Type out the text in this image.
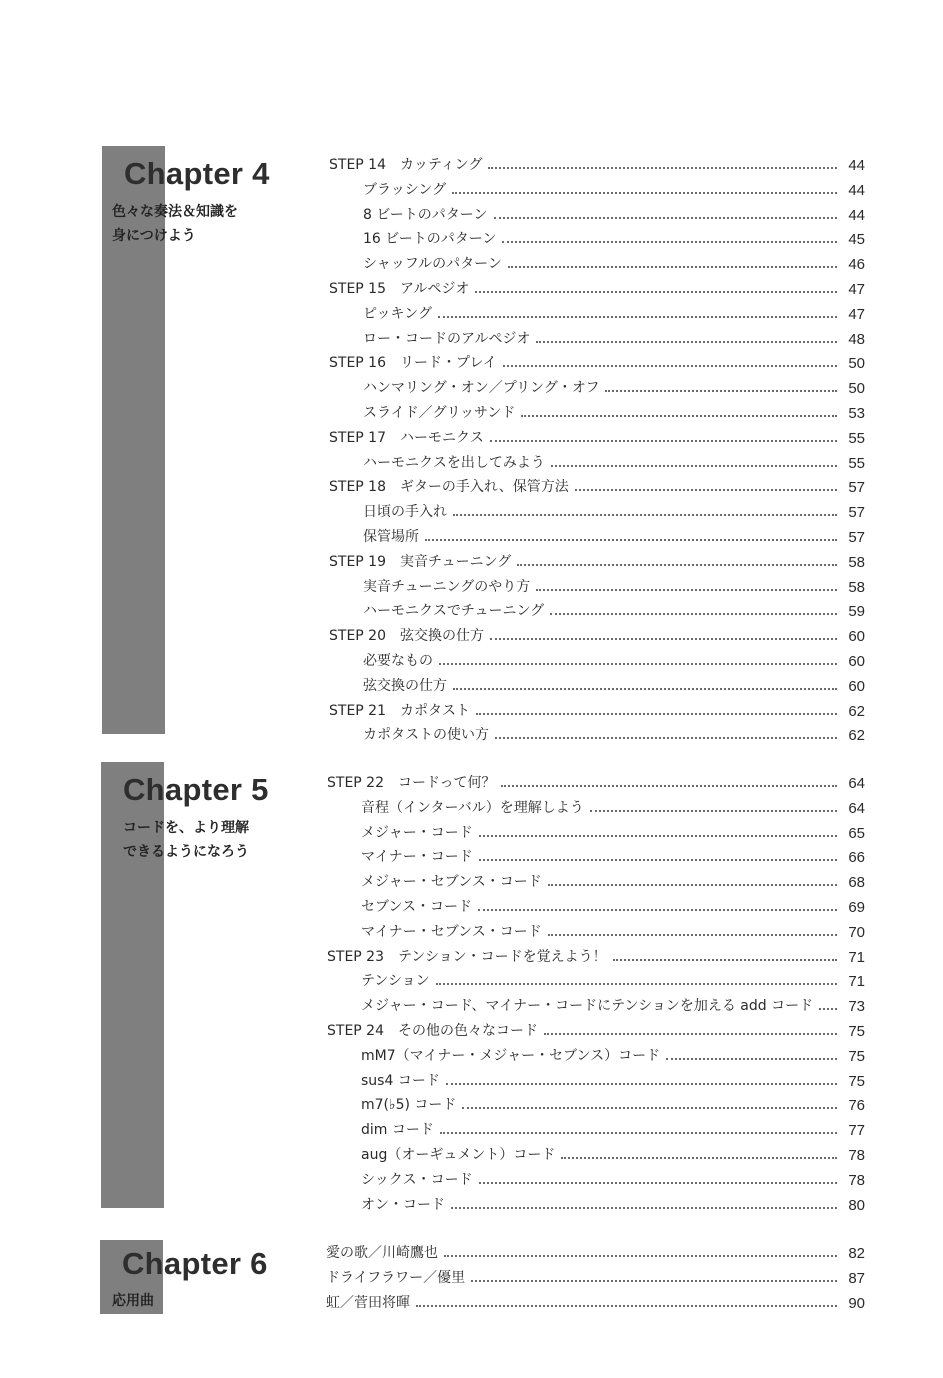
Chapter 4
色々な奏法＆知識を
身につけよう
STEP 14 カッティング	44
ブラッシング	44
8 ビートのパターン	44
16 ビートのパターン	45
シャッフルのパターン	46
STEP 15 アルペジオ	47
ピッキング	47
ロー・コードのアルペジオ	48
STEP 16 リード・プレイ	50
ハンマリング・オン／プリング・オフ	50
スライド／グリッサンド	53
STEP 17 ハーモニクス	55
ハーモニクスを出してみよう	55
STEP 18 ギターの手入れ、保管方法	57
日頃の手入れ	57
保管場所	57
STEP 19 実音チューニング	58
実音チューニングのやり方	58
ハーモニクスでチューニング	59
STEP 20 弦交換の仕方	60
必要なもの	60
弦交換の仕方	60
STEP 21 カポタスト	62
カポタストの使い方	62
Chapter 5
コードを、より理解
できるようになろう
STEP 22 コードって何？	64
音程（インターバル）を理解しよう	64
メジャー・コード	65
マイナー・コード	66
メジャー・セブンス・コード	68
セブンス・コード	69
マイナー・セブンス・コード	70
STEP 23 テンション・コードを覚えよう！	71
テンション	71
メジャー・コード、マイナー・コードにテンションを加える add コード 73
STEP 24 その他の色々なコード	75
mM7（マイナー・メジャー・セブンス）コード	75
sus4 コード	75
m7(♭5) コード	76
dim コード	77
aug（オーギュメント）コード	78
シックス・コード	78
オン・コード	80
Chapter 6
応用曲
愛の歌／川崎鷹也	82
ドライフラワー／優里	87
虹／菅田将暉	90
